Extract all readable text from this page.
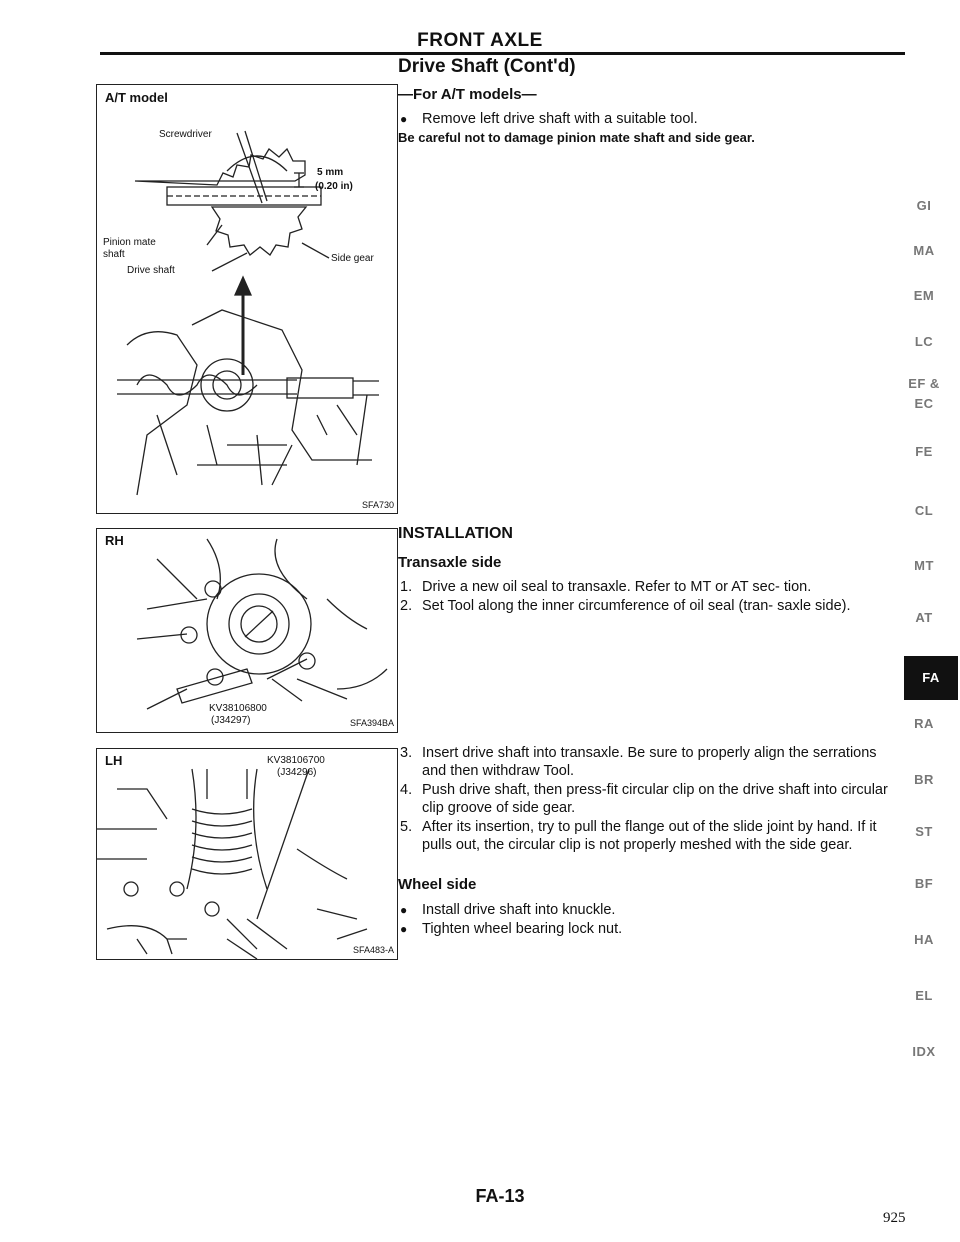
FRONT AXLE
A/T model
Screwdriver
5 mm
(0.20 in)
Pinion mate
shaft
Drive shaft
Side gear
SFA730
RH
KV38106800
(J34297)	SFA394BA
LH	KV38106700
(J34296)
SFA483-A
Drive Shaft (Cont'd)
—For A/T models—
●	Remove left drive shaft with a suitable tool.
Be careful not to damage pinion mate shaft and side gear.
INSTALLATION
Transaxle side
1. Drive a new oil seal to transaxle. Refer to MT or AT sec- tion.
2. Set Tool along the inner circumference of oil seal (tran- saxle side).
3. Insert drive shaft into transaxle. Be sure to properly align the serrations and then withdraw Tool.
4. Push drive shaft, then press-fit circular clip on the drive shaft into circular clip groove of side gear.
5. After its insertion, try to pull the flange out of the slide joint by hand. If it pulls out, the circular clip is not properly meshed with the side gear.
Wheel side
●	Install drive shaft into knuckle.
●	Tighten wheel bearing lock nut.
GI
MA
EM
LC
EF &
EC
FE
CL
MT
AT
FA
RA
BR
ST
BF
HA
EL
IDX
FA-13
925
